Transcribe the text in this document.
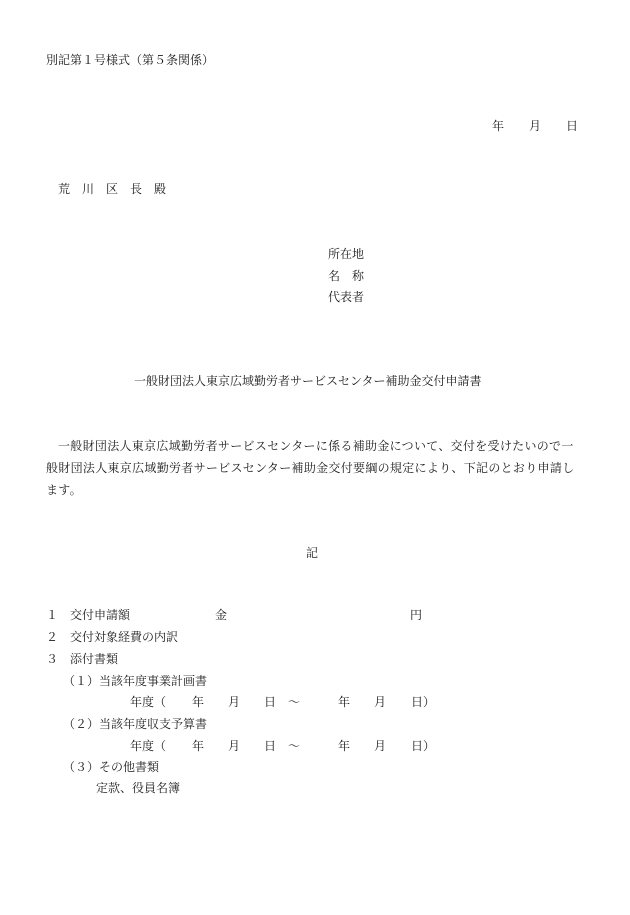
別記第１号様式（第５条関係）
年 月 日
荒　川　区　長　殿
所在地
名　称
代表者
一般財団法人東京広域勤労者サービスセンター補助金交付申請書
一般財団法人東京広域勤労者サービスセンターに係る補助金について、交付を受けたいので一般財団法人東京広域勤労者サービスセンター補助金交付要綱の規定により、下記のとおり申請します。
記
１　交付申請額	金	円
２　交付対象経費の内訳
３　添付書類
（１）当該年度事業計画書
年度（ 年 月 日 ～	年 月 日）
（２）当該年度収支予算書
年度（ 年 月 日 ～	年 月 日）
（３）その他書類
定款、役員名簿
